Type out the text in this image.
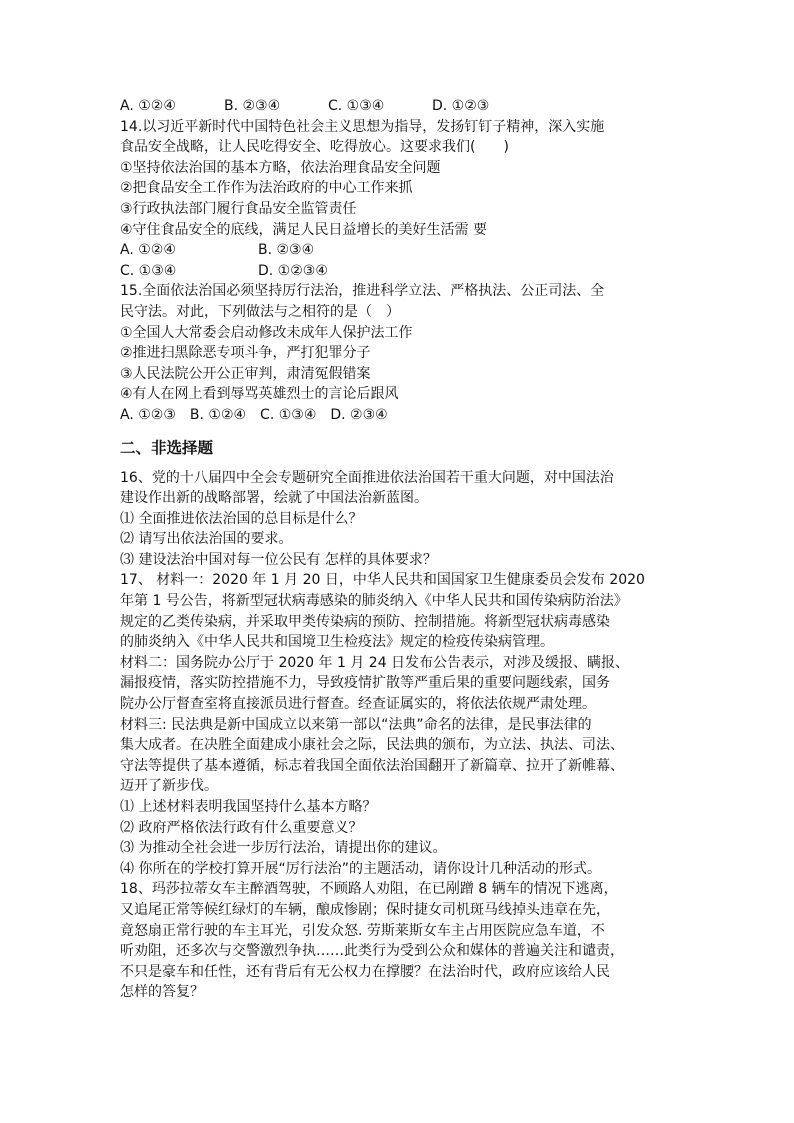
A. ①②④	B. ②③④	C. ①③④	D. ①②③
14.以习近平新时代中国特色社会主义思想为指导，发扬钉钉子精神，深入实施
食品安全战略，让人民吃得安全、吃得放心。这要求我们(　　)
①坚持依法治国的基本方略，依法治理食品安全问题
②把食品安全工作作为法治政府的中心工作来抓
③行政执法部门履行食品安全监管责任
④守住食品安全的底线，满足人民日益增长的美好生活需 要
A. ①②④	B. ②③④
C. ①③④	D. ①②③④
15.全面依法治国必须坚持厉行法治，推进科学立法、严格执法、公正司法、全
民守法。对此，下列做法与之相符的是（　）
①全国人大常委会启动修改未成年人保护法工作
②推进扫黑除恶专项斗争，严打犯罪分子
③人民法院公开公正审判，肃清冤假错案
④有人在网上看到辱骂英雄烈士的言论后跟风
A. ①②③　B. ①②④　C. ①③④　D. ②③④
二、非选择题
16、党的十八届四中全会专题研究全面推进依法治国若干重大问题，对中国法治
建设作出新的战略部署，绘就了中国法治新蓝图。
⑴ 全面推进依法治国的总目标是什么？
⑵ 请写出依法治国的要求。
⑶ 建设法治中国对每一位公民有 怎样的具体要求？
17、 材料一：2020 年 1 月 20 日，中华人民共和国国家卫生健康委员会发布 2020
年第 1 号公告，将新型冠状病毒感染的肺炎纳入《中华人民共和国传染病防治法》
规定的乙类传染病，并采取甲类传染病的预防、控制措施。将新型冠状病毒感染
的肺炎纳入《中华人民共和国境卫生检疫法》规定的检疫传染病管理。
材料二：国务院办公厅于 2020 年 1 月 24 日发布公告表示，对涉及缓报、瞒报、
漏报疫情，落实防控措施不力，导致疫情扩散等严重后果的重要问题线索，国务
院办公厅督查室将直接派员进行督查。经查证属实的，将依法依规严肃处理。
材料三: 民法典是新中国成立以来第一部以“法典”命名的法律，是民事法律的
集大成者。在决胜全面建成小康社会之际，民法典的颁布，为立法、执法、司法、
守法等提供了基本遵循，标志着我国全面依法治国翻开了新篇章、拉开了新帷幕、
迈开了新步伐。
⑴ 上述材料表明我国坚持什么基本方略？
⑵ 政府严格依法行政有什么重要意义？
⑶ 为推动全社会进一步厉行法治，请提出你的建议。
⑷ 你所在的学校打算开展“厉行法治”的主题活动，请你设计几种活动的形式。
18、玛莎拉蒂女车主醉酒驾驶，不顾路人劝阻，在已剐蹭 8 辆车的情况下逃离，
又追尾正常等候红绿灯的车辆，酿成惨剧；保时捷女司机斑马线掉头违章在先，
竟怒扇正常行驶的车主耳光，引发众怒. 劳斯莱斯女车主占用医院应急车道，不
听劝阻，还多次与交警激烈争执……此类行为受到公众和媒体的普遍关注和谴责，
不只是豪车和任性，还有背后有无公权力在撑腰？在法治时代，政府应该给人民
怎样的答复？
